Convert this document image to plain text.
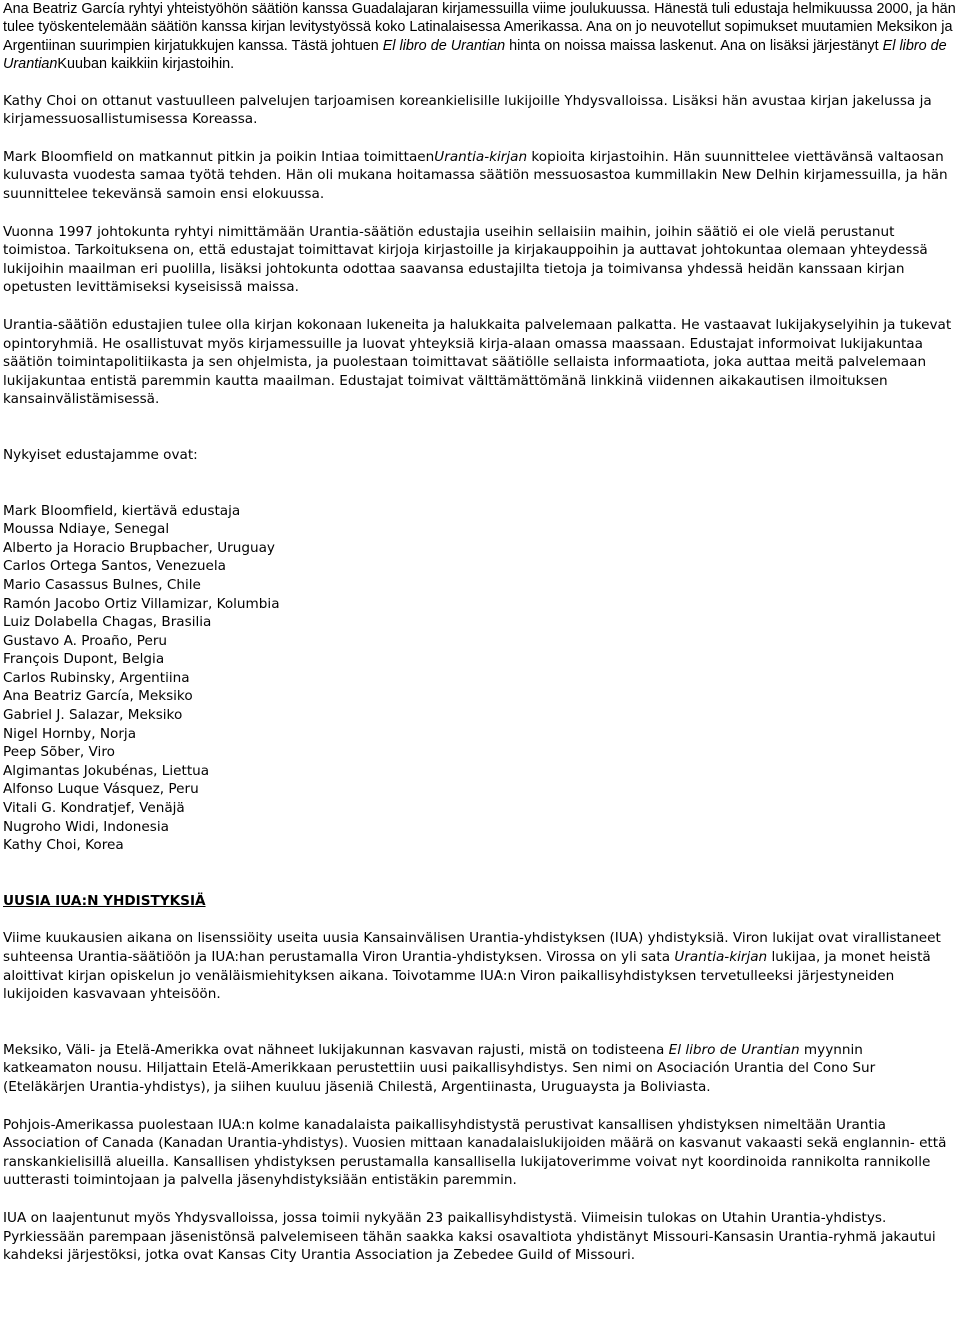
Ana Beatriz García ryhtyi yhteistyöhön säätiön kanssa Guadalajaran kirjamessuilla viime joulukuussa. Hänestä tuli edustaja helmikuussa 2000, ja hän tulee työskentelemään säätiön kanssa kirjan levitystyössä koko Latinalaisessa Amerikassa. Ana on jo neuvotellut sopimukset muutamien Meksikon ja Argentiinan suurimpien kirjatukkujen kanssa. Tästä johtuen El libro de Urantian hinta on noissa maissa laskenut. Ana on lisäksi järjestänyt El libro de UrantianKuuban kaikkiin kirjastoihin.

Kathy Choi on ottanut vastuulleen palvelujen tarjoamisen koreankielisille lukijoille Yhdysvalloissa. Lisäksi hän avustaa kirjan jakelussa ja kirjamessuosallistumisessa Koreassa.

Mark Bloomfield on matkannut pitkin ja poikin Intiaa toimittaenUrantia-kirjan kopioita kirjastoihin. Hän suunnittelee viettävänsä valtaosan kuluvasta vuodesta samaa työtä tehden. Hän oli mukana hoitamassa säätiön messuosastoa kummillakin New Delhin kirjamessuilla, ja hän suunnittelee tekevänsä samoin ensi elokuussa.

Vuonna 1997 johtokunta ryhtyi nimittämään Urantia-säätiön edustajia useihin sellaisiin maihin, joihin säätiö ei ole vielä perustanut toimistoa. Tarkoituksena on, että edustajat toimittavat kirjoja kirjastoille ja kirjakauppoihin ja auttavat johtokuntaa olemaan yhteydessä lukijoihin maailman eri puolilla, lisäksi johtokunta odottaa saavansa edustajilta tietoja ja toimivansa yhdessä heidän kanssaan kirjan opetusten levittämiseksi kyseisissä maissa.

Urantia-säätiön edustajien tulee olla kirjan kokonaan lukeneita ja halukkaita palvelemaan palkatta. He vastaavat lukijakyselyihin ja tukevat opintoryhmiä. He osallistuvat myös kirjamessuille ja luovat yhteyksiä kirja-alaan omassa maassaan. Edustajat informoivat lukijakuntaa säätiön toimintapolitiikasta ja sen ohjelmista, ja puolestaan toimittavat säätiölle sellaista informaatiota, joka auttaa meitä palvelemaan lukijakuntaa entistä paremmin kautta maailman. Edustajat toimivat välttämättömänä linkkinä viidennen aikakautisen ilmoituksen kansainvälistämisessä.

Nykyiset edustajamme ovat:

Mark Bloomfield, kiertävä edustaja
Moussa Ndiaye, Senegal
Alberto ja Horacio Brupbacher, Uruguay
Carlos Ortega Santos, Venezuela
Mario Casassus Bulnes, Chile
Ramón Jacobo Ortiz Villamizar, Kolumbia
Luiz Dolabella Chagas, Brasilia
Gustavo A. Proaño, Peru
François Dupont, Belgia
Carlos Rubinsky, Argentiina
Ana Beatriz García, Meksiko
Gabriel J. Salazar, Meksiko
Nigel Hornby, Norja
Peep Sõber, Viro
Algimantas Jokubénas, Liettua
Alfonso Luque Vásquez, Peru
Vitali G. Kondratjef, Venäjä
Nugroho Widi, Indonesia
Kathy Choi, Korea
UUSIA IUA:N YHDISTYKSIÄ

Viime kuukausien aikana on lisenssiöity useita uusia Kansainvälisen Urantia-yhdistyksen (IUA) yhdistyksiä. Viron lukijat ovat virallistaneet suhteensa Urantia-säätiöön ja IUA:han perustamalla Viron Urantia-yhdistyksen. Virossa on yli sata Urantia-kirjan lukijaa, ja monet heistä aloittivat kirjan opiskelun jo venäläismiehityksen aikana. Toivotamme IUA:n Viron paikallisyhdistyksen tervetulleeksi järjestyneiden lukijoiden kasvavaan yhteisöön.

Meksiko, Väli- ja Etelä-Amerikka ovat nähneet lukijakunnan kasvavan rajusti, mistä on todisteena El libro de Urantian myynnin katkeamaton nousu. Hiljattain Etelä-Amerikkaan perustettiin uusi paikallisyhdistys. Sen nimi on Asociación Urantia del Cono Sur (Eteläkärjen Urantia-yhdistys), ja siihen kuuluu jäseniä Chilestä, Argentiinasta, Uruguaysta ja Boliviasta.

Pohjois-Amerikassa puolestaan IUA:n kolme kanadalaista paikallisyhdistystä perustivat kansallisen yhdistyksen nimeltään Urantia Association of Canada (Kanadan Urantia-yhdistys). Vuosien mittaan kanadalaislukijoiden määrä on kasvanut vakaasti sekä englannin- että ranskankielisillä alueilla. Kansallisen yhdistyksen perustamalla kansallisella lukijatoverimme voivat nyt koordinoida rannikolta rannikolle uutterasti toimintojaan ja palvella jäsenyhdistyksiään entistäkin paremmin.

IUA on laajentunut myös Yhdysvalloissa, jossa toimii nykyään 23 paikallisyhdistystä. Viimeisin tulokas on Utahin Urantia-yhdistys. Pyrkiessään parempaan jäsenistönsä palvelemiseen tähän saakka kaksi osavaltiota yhdistänyt Missouri-Kansasin Urantia-ryhmä jakautui kahdeksi järjestöksi, jotka ovat Kansas City Urantia Association ja Zebedee Guild of Missouri.
